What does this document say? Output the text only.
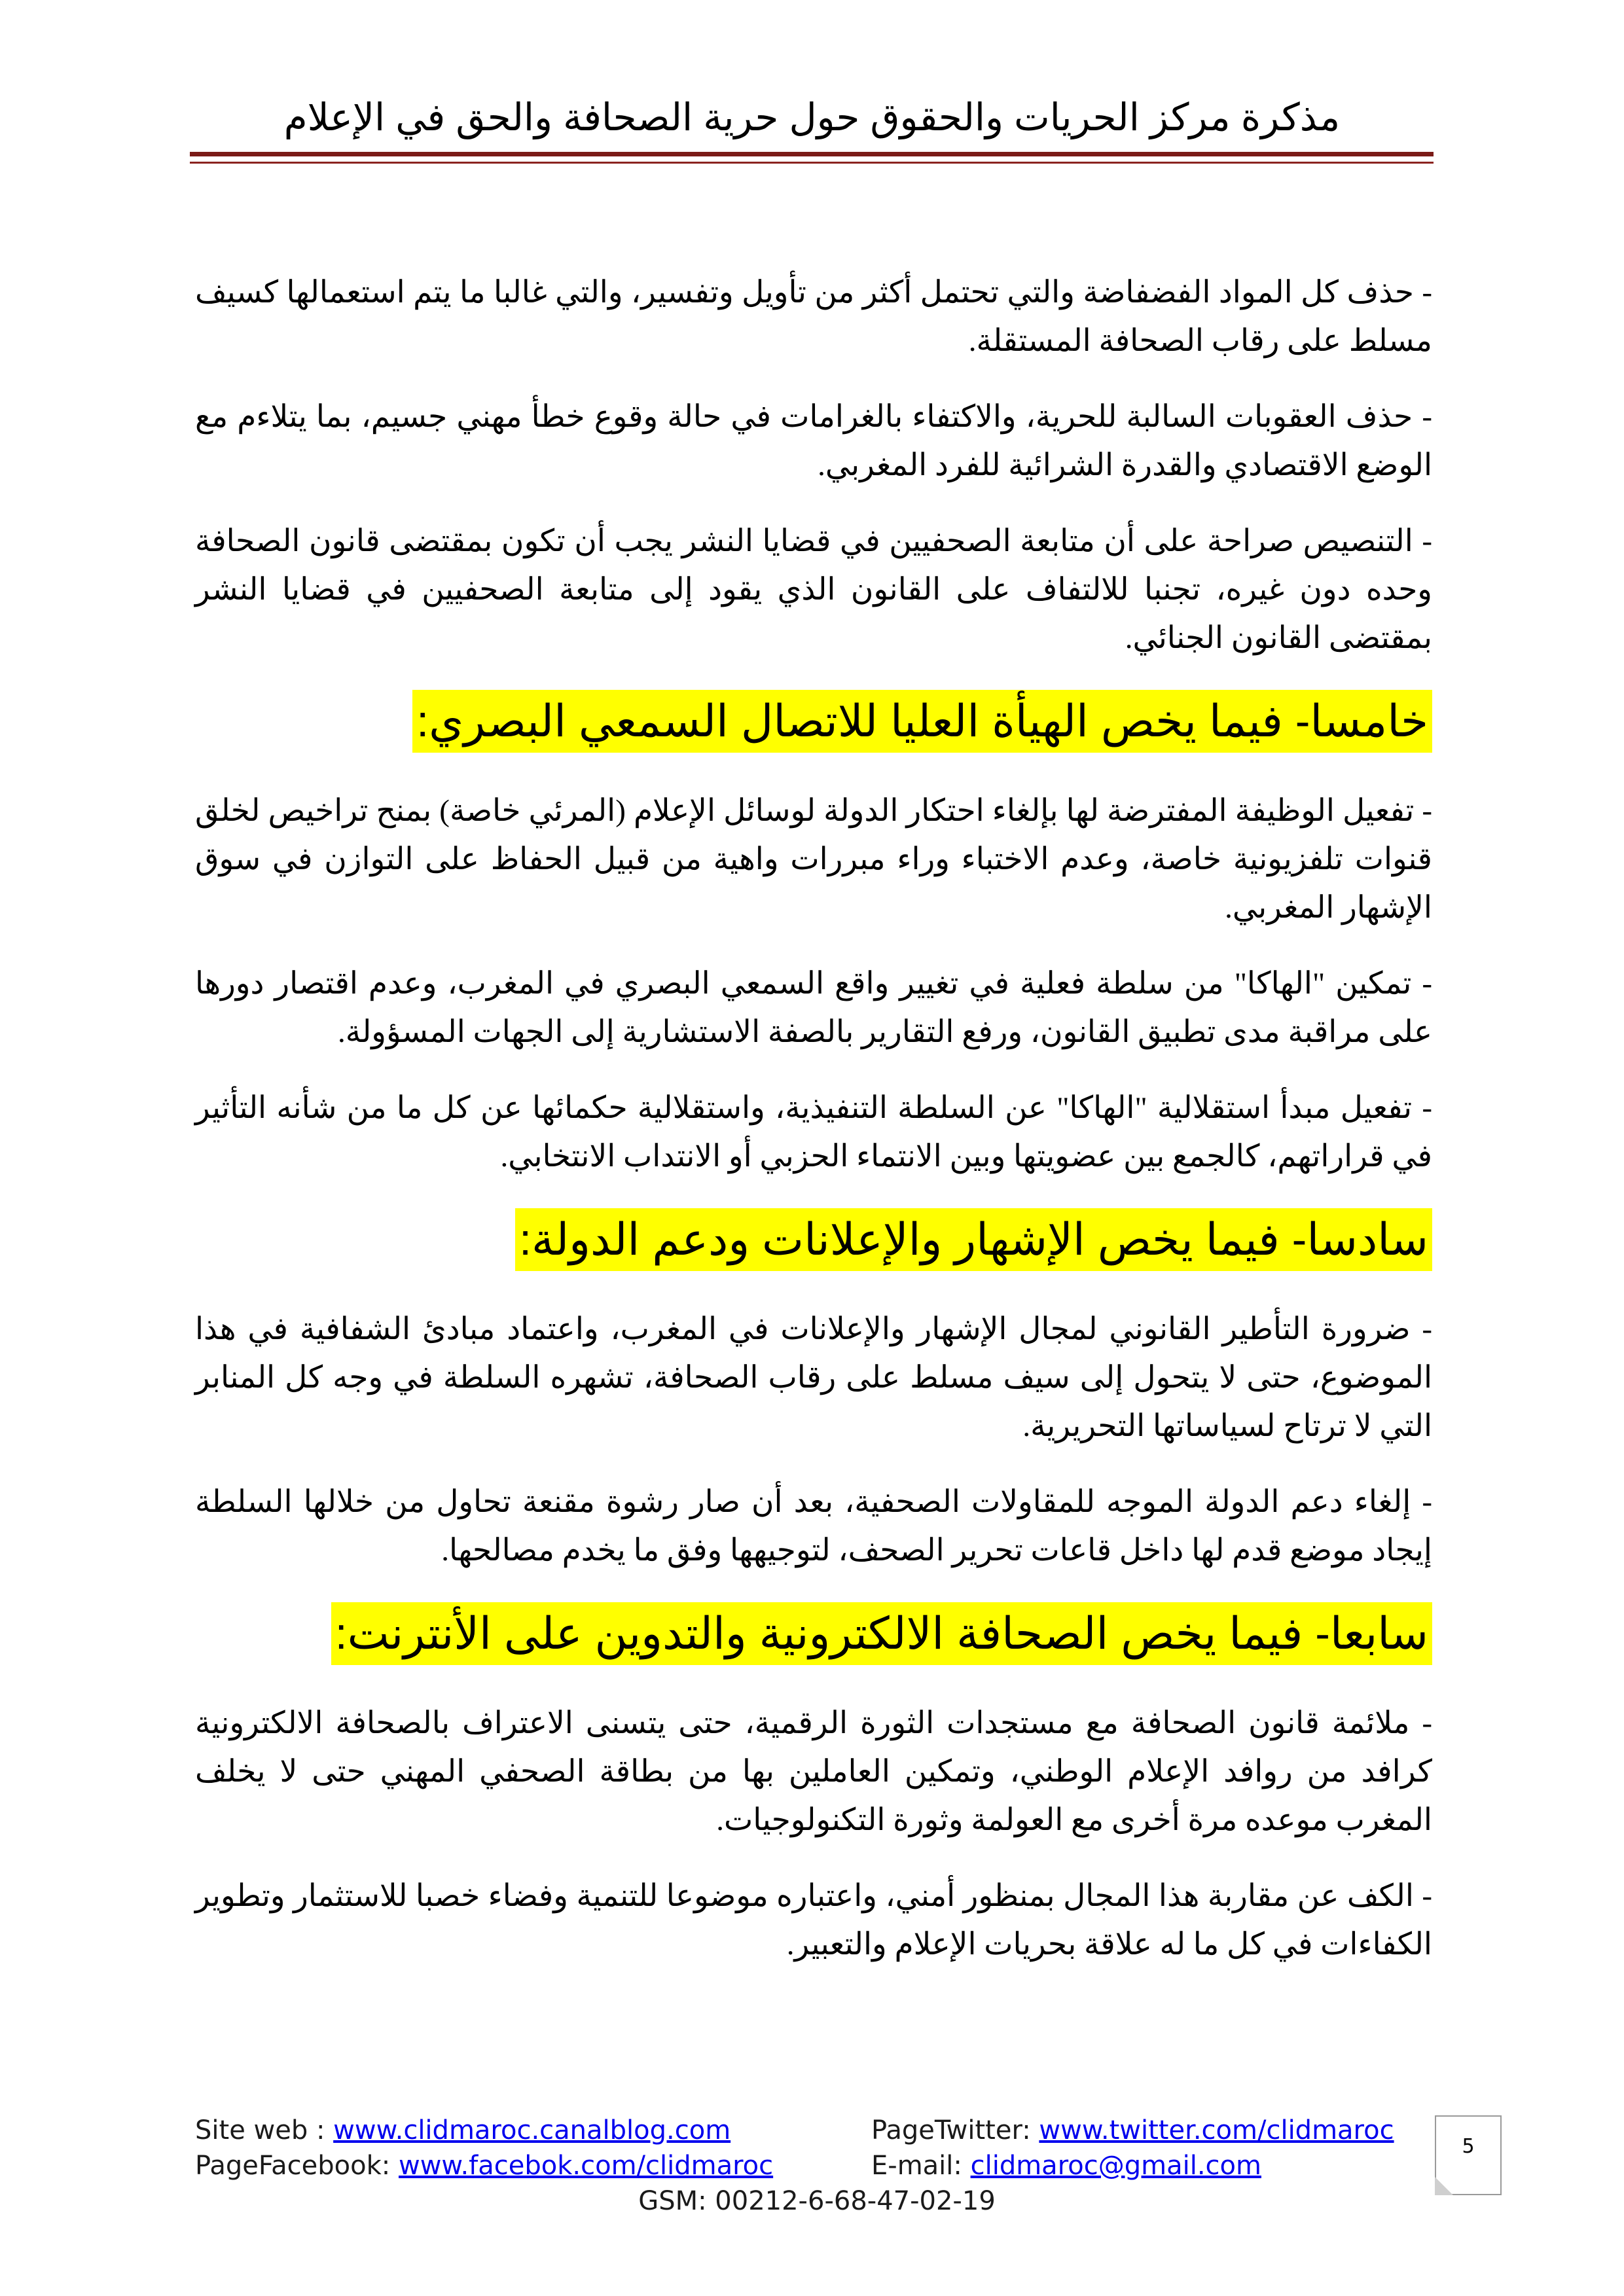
مذكرة مركز الحريات والحقوق حول حرية الصحافة والحق في الإعلام

- حذف كل المواد الفضفاضة والتي تحتمل أكثر من تأويل وتفسير، والتي غالبا ما يتم استعمالها كسيف مسلط على رقاب الصحافة المستقلة.

- حذف العقوبات السالبة للحرية، والاكتفاء بالغرامات في حالة وقوع خطأ مهني جسيم، بما يتلاءم مع الوضع الاقتصادي والقدرة الشرائية للفرد المغربي.

- التنصيص صراحة على أن متابعة الصحفيين في قضايا النشر يجب أن تكون بمقتضى قانون الصحافة وحده دون غيره، تجنبا للالتفاف على القانون الذي يقود إلى متابعة الصحفيين في قضايا النشر بمقتضى القانون الجنائي.

خامسا- فيما يخص الهيأة العليا للاتصال السمعي البصري:

- تفعيل الوظيفة المفترضة لها بإلغاء احتكار الدولة لوسائل الإعلام (المرئي خاصة) بمنح تراخيص لخلق قنوات تلفزيونية خاصة، وعدم الاختباء وراء مبررات واهية من قبيل الحفاظ على التوازن في سوق الإشهار المغربي.

- تمكين "الهاكا" من سلطة فعلية في تغيير واقع السمعي البصري في المغرب، وعدم اقتصار دورها على مراقبة مدى تطبيق القانون، ورفع التقارير بالصفة الاستشارية إلى الجهات المسؤولة.

- تفعيل مبدأ استقلالية "الهاكا" عن السلطة التنفيذية، واستقلالية حكمائها عن كل ما من شأنه التأثير في قراراتهم، كالجمع بين عضويتها وبين الانتماء الحزبي أو الانتداب الانتخابي.

سادسا- فيما يخص الإشهار والإعلانات ودعم الدولة:

- ضرورة التأطير القانوني لمجال الإشهار والإعلانات في المغرب، واعتماد مبادئ الشفافية في هذا الموضوع، حتى لا يتحول إلى سيف مسلط على رقاب الصحافة، تشهره السلطة في وجه كل المنابر التي لا ترتاح لسياساتها التحريرية.

- إلغاء دعم الدولة الموجه للمقاولات الصحفية، بعد أن صار رشوة مقنعة تحاول من خلالها السلطة إيجاد موضع قدم لها داخل قاعات تحرير الصحف، لتوجيهها وفق ما يخدم مصالحها.

سابعا- فيما يخص الصحافة الالكترونية والتدوين على الأنترنت:

- ملائمة قانون الصحافة مع مستجدات الثورة الرقمية، حتى يتسنى الاعتراف بالصحافة الالكترونية كرافد من روافد الإعلام الوطني، وتمكين العاملين بها من بطاقة الصحفي المهني حتى لا يخلف المغرب موعده مرة أخرى مع العولمة وثورة التكنولوجيات.

- الكف عن مقاربة هذا المجال بمنظور أمني، واعتباره موضوعا للتنمية وفضاء خصبا للاستثمار وتطوير الكفاءات في كل ما له علاقة بحريات الإعلام والتعبير.

Site web : www.clidmaroc.canalblog.com	PageTwitter: www.twitter.com/clidmaroc
PageFacebook: www.facebok.com/clidmaroc	E-mail: clidmaroc@gmail.com
GSM: 00212-6-68-47-02-19
5
